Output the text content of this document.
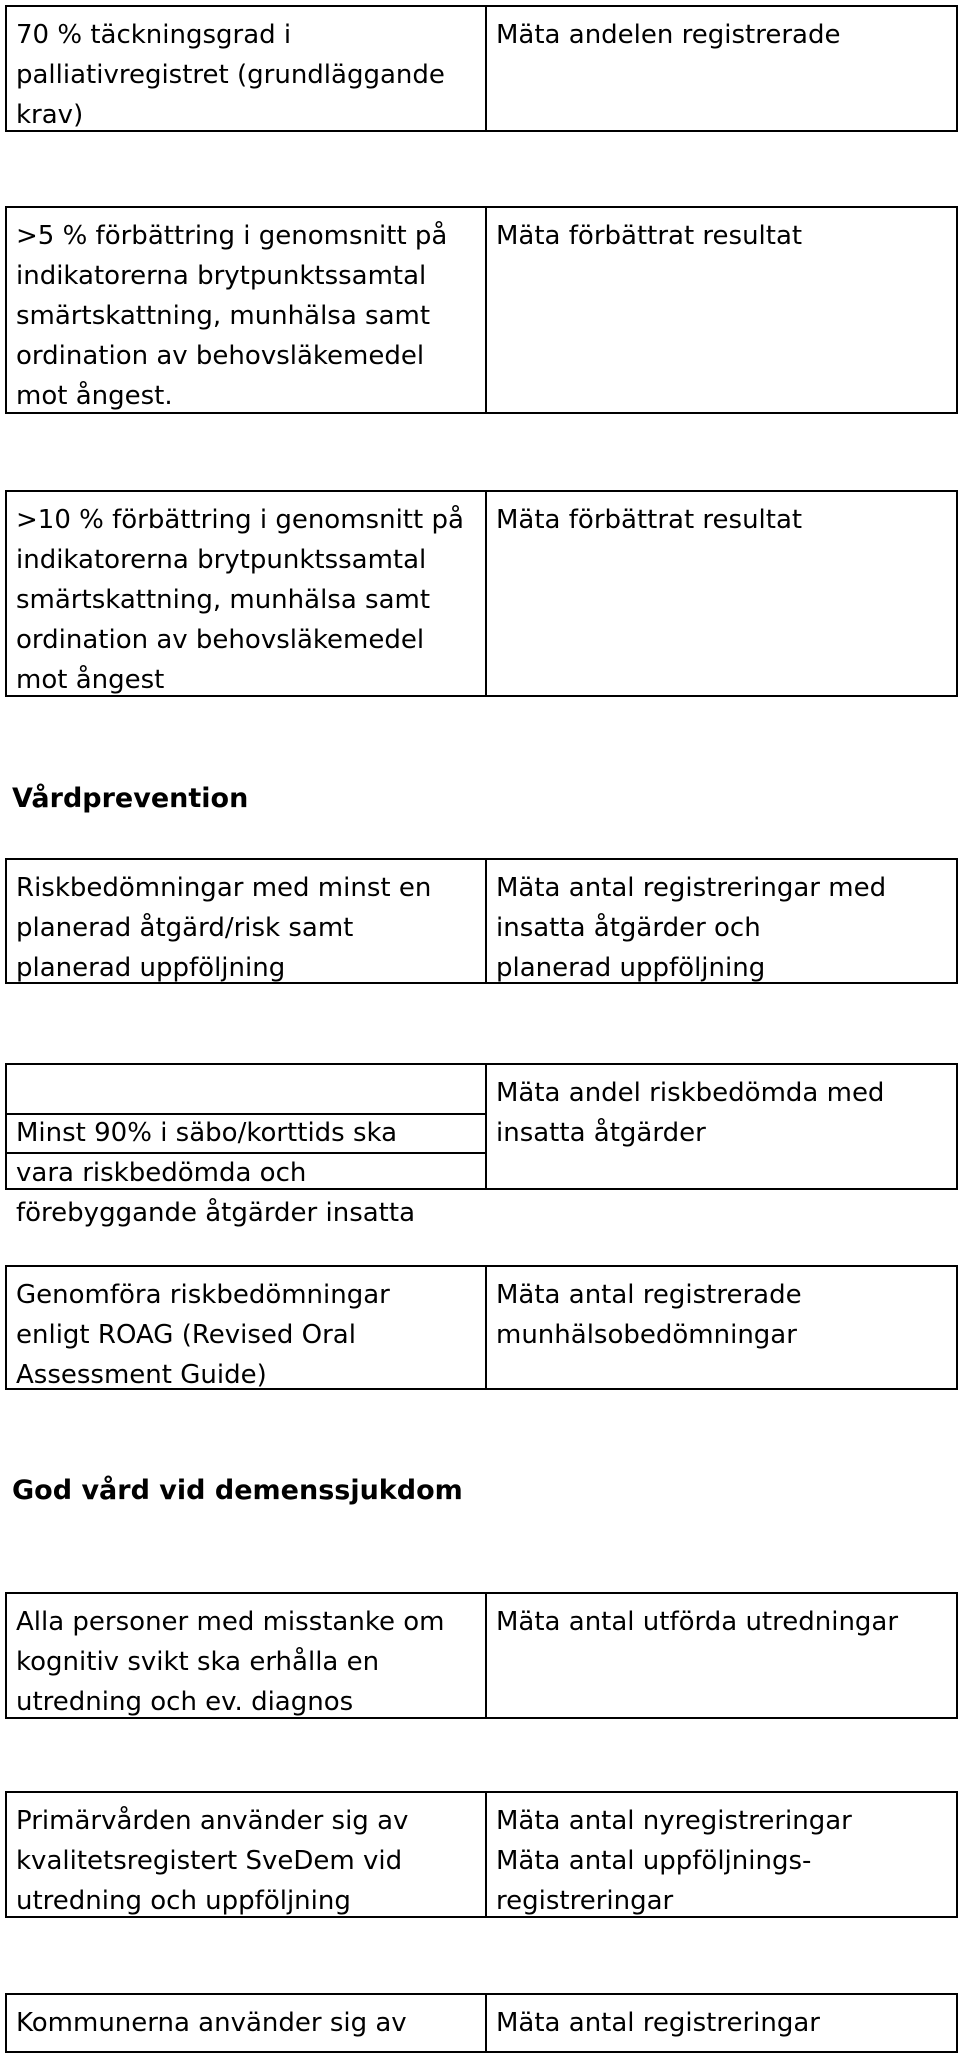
70 % täckningsgrad i
palliativregistret (grundläggande
krav)
Mäta andelen registrerade
>5 % förbättring i genomsnitt på
indikatorerna brytpunktssamtal
smärtskattning, munhälsa samt
ordination av behovsläkemedel
mot ångest.
Mäta förbättrat resultat
>10 % förbättring i genomsnitt på
indikatorerna brytpunktssamtal
smärtskattning, munhälsa samt
ordination av behovsläkemedel
mot ångest
Mäta förbättrat resultat
Vårdprevention
Riskbedömningar med minst en
planerad åtgärd/risk samt
planerad uppföljning
Mäta antal registreringar med
insatta åtgärder och
planerad uppföljning

Minst 90% i säbo/korttids ska
vara riskbedömda och
förebyggande åtgärder insatta

Mäta andel riskbedömda med
insatta åtgärder
Genomföra riskbedömningar
enligt ROAG (Revised Oral
Assessment Guide)
Mäta antal registrerade
munhälsobedömningar
God vård vid demenssjukdom
Alla personer med misstanke om
kognitiv svikt ska erhålla en
utredning och ev. diagnos
Mäta antal utförda utredningar
Primärvården använder sig av
kvalitetsregistert SveDem vid
utredning och uppföljning
Mäta antal nyregistreringar
Mäta antal uppföljnings-
registreringar
Kommunerna använder sig av	Mäta antal registreringar
